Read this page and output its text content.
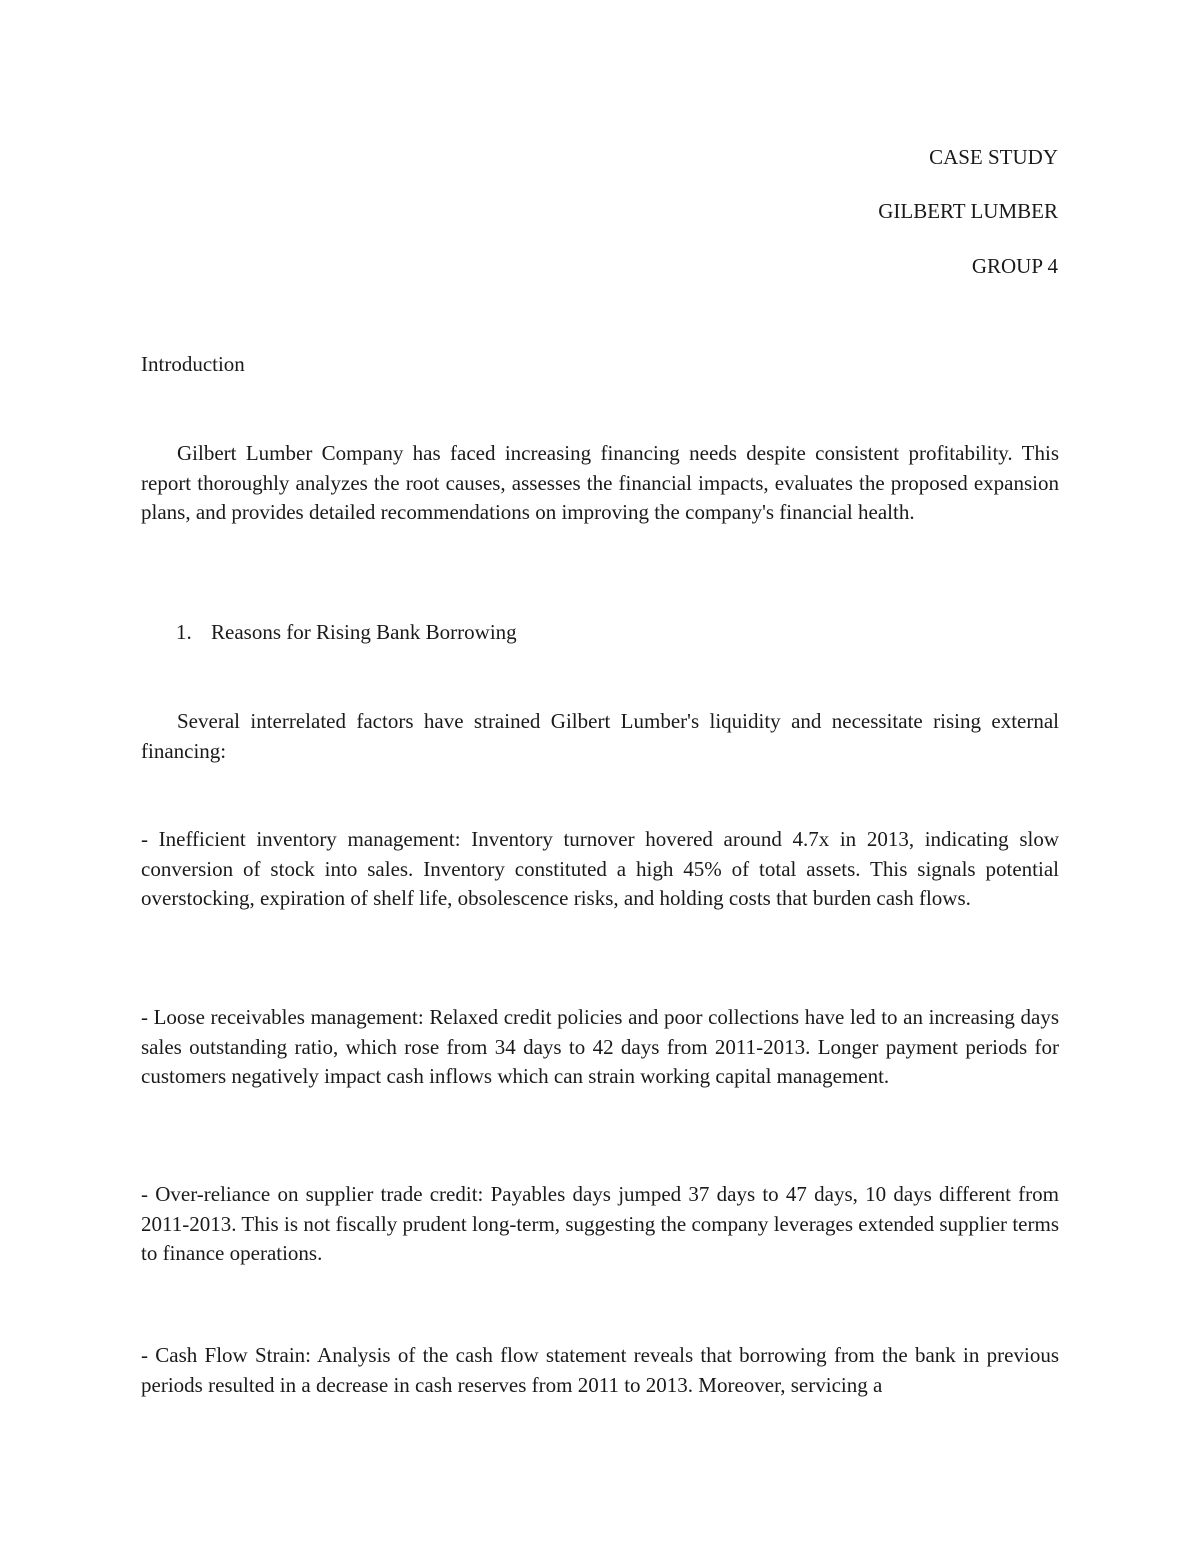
CASE STUDY
GILBERT LUMBER
GROUP 4
Introduction
Gilbert Lumber Company has faced increasing financing needs despite consistent profitability. This report thoroughly analyzes the root causes, assesses the financial impacts, evaluates the proposed expansion plans, and provides detailed recommendations on improving the company's financial health.
1. Reasons for Rising Bank Borrowing
Several interrelated factors have strained Gilbert Lumber's liquidity and necessitate rising external financing:
- Inefficient inventory management: Inventory turnover hovered around 4.7x in 2013, indicating slow conversion of stock into sales. Inventory constituted a high 45% of total assets. This signals potential overstocking, expiration of shelf life, obsolescence risks, and holding costs that burden cash flows.
- Loose receivables management: Relaxed credit policies and poor collections have led to an increasing days sales outstanding ratio, which rose from 34 days to 42 days from 2011-2013. Longer payment periods for customers negatively impact cash inflows which can strain working capital management.
- Over-reliance on supplier trade credit: Payables days jumped 37 days to 47 days, 10 days different from 2011-2013. This is not fiscally prudent long-term, suggesting the company leverages extended supplier terms to finance operations.
- Cash Flow Strain: Analysis of the cash flow statement reveals that borrowing from the bank in previous periods resulted in a decrease in cash reserves from 2011 to 2013. Moreover, servicing a
